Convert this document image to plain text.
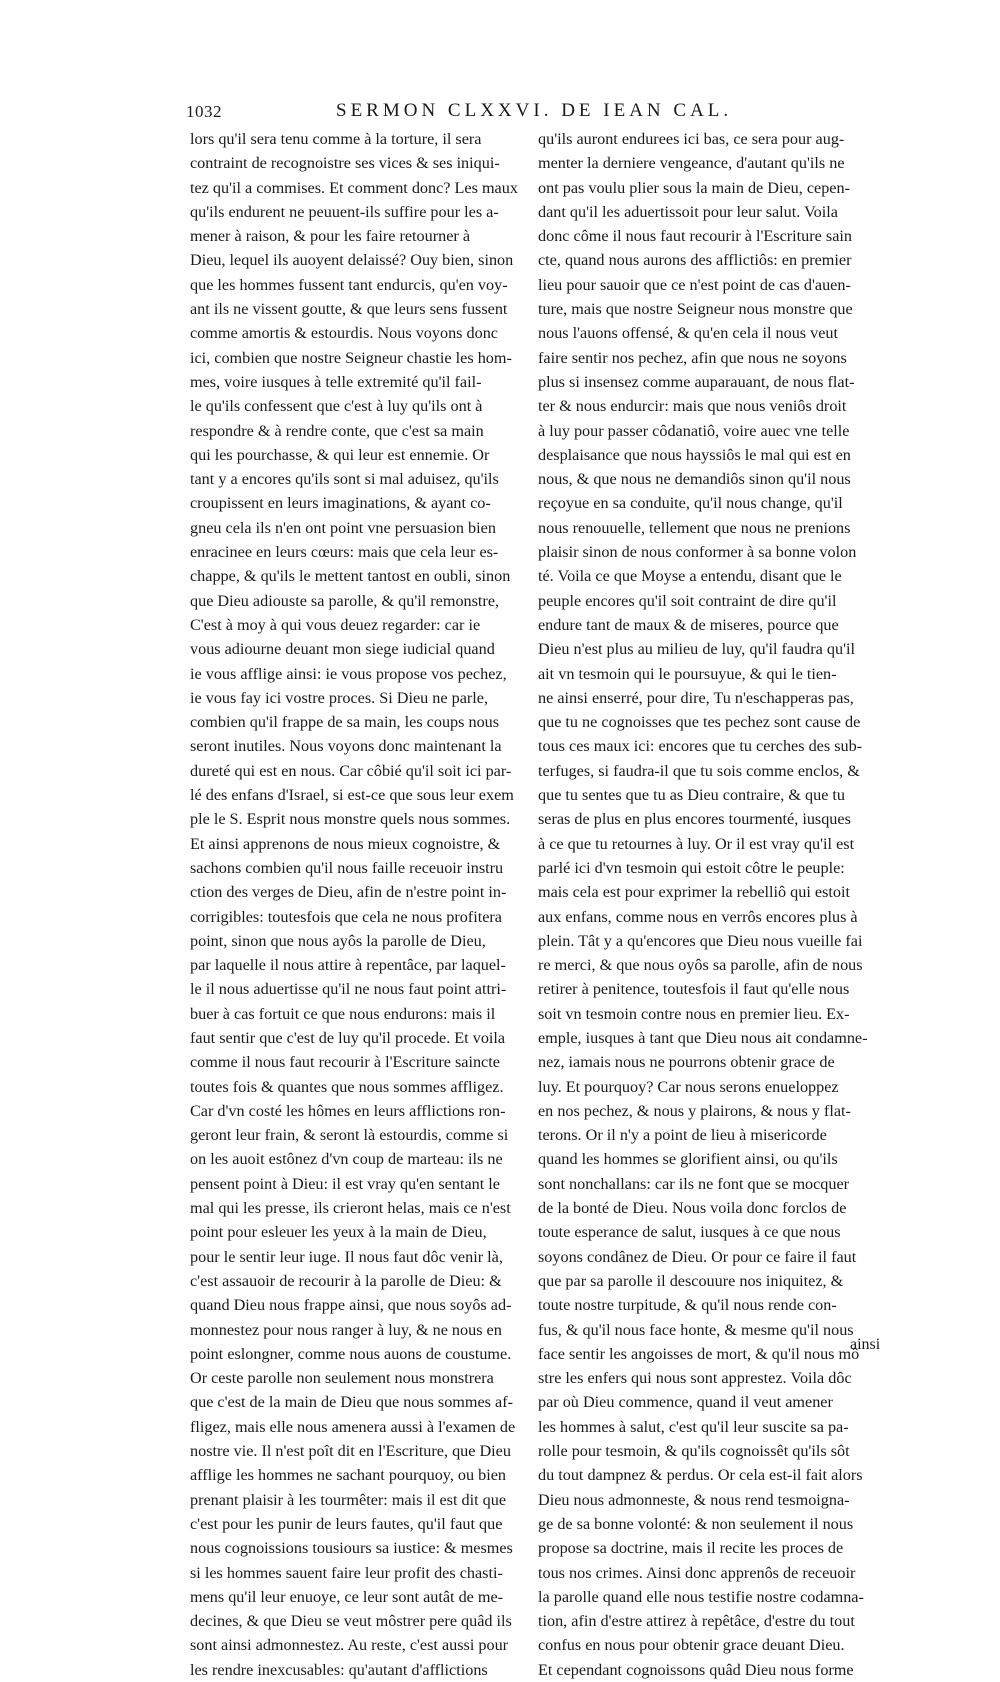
1032	SERMON CLXXVI. DE IEAN CAL.
lors qu'il sera tenu comme à la torture, il sera
contraint de recognoistre ses vices & ses iniqui-
tez qu'il a commises. Et comment donc? Les maux
qu'ils endurent ne peuuent-ils suffire pour les a-
mener à raison, & pour les faire retourner à
Dieu, lequel ils auoyent delaissé? Ouy bien, sinon
que les hommes fussent tant endurcis, qu'en voy-
ant ils ne vissent goutte, & que leurs sens fussent
comme amortis & estourdis. Nous voyons donc
ici, combien que nostre Seigneur chastie les hom-
mes, voire iusques à telle extremité qu'il fail-
le qu'ils confessent que c'est à luy qu'ils ont à
respondre & à rendre conte, que c'est sa main
qui les pourchasse, & qui leur est ennemie. Or
tant y a encores qu'ils sont si mal aduisez, qu'ils
croupissent en leurs imaginations, & ayant co-
gneu cela ils n'en ont point vne persuasion bien
enracinee en leurs cœurs: mais que cela leur es-
chappe, & qu'ils le mettent tantost en oubli, sinon
que Dieu adiouste sa parolle, & qu'il remonstre,
C'est à moy à qui vous deuez regarder: car ie
vous adiourne deuant mon siege iudicial quand
ie vous afflige ainsi: ie vous propose vos pechez,
ie vous fay ici vostre proces. Si Dieu ne parle,
combien qu'il frappe de sa main, les coups nous
seront inutiles. Nous voyons donc maintenant la
dureté qui est en nous. Car côbié qu'il soit ici par-
lé des enfans d'Israel, si est-ce que sous leur exem
ple le S. Esprit nous monstre quels nous sommes.
Et ainsi apprenons de nous mieux cognoistre, &
sachons combien qu'il nous faille receuoir instru
ction des verges de Dieu, afin de n'estre point in-
corrigibles: toutesfois que cela ne nous profitera
point, sinon que nous ayôs la parolle de Dieu,
par laquelle il nous attire à repentâce, par laquel-
le il nous aduertisse qu'il ne nous faut point attri-
buer à cas fortuit ce que nous endurons: mais il
faut sentir que c'est de luy qu'il procede. Et voila
comme il nous faut recourir à l'Escriture saincte
toutes fois & quantes que nous sommes affligez.
Car d'vn costé les hômes en leurs afflictions ron-
geront leur frain, & seront là estourdis, comme si
on les auoit estônez d'vn coup de marteau: ils ne
pensent point à Dieu: il est vray qu'en sentant le
mal qui les presse, ils crieront helas, mais ce n'est
point pour esleuer les yeux à la main de Dieu,
pour le sentir leur iuge. Il nous faut dôc venir là,
c'est assauoir de recourir à la parolle de Dieu: &
quand Dieu nous frappe ainsi, que nous soyôs ad-
monnestez pour nous ranger à luy, & ne nous en
point eslongner, comme nous auons de coustume.
Or ceste parolle non seulement nous monstrera
que c'est de la main de Dieu que nous sommes af-
fligez, mais elle nous amenera aussi à l'examen de
nostre vie. Il n'est poît dit en l'Escriture, que Dieu
afflige les hommes ne sachant pourquoy, ou bien
prenant plaisir à les tourmêter: mais il est dit que
c'est pour les punir de leurs fautes, qu'il faut que
nous cognoissions tousiours sa iustice: & mesmes
si les hommes sauent faire leur profit des chasti-
mens qu'il leur enuoye, ce leur sont autât de me-
decines, & que Dieu se veut môstrer pere quâd ils
sont ainsi admonnestez. Au reste, c'est aussi pour
les rendre inexcusables: qu'autant d'afflictions
qu'ils auront endurees ici bas, ce sera pour aug-
menter la derniere vengeance, d'autant qu'ils ne
ont pas voulu plier sous la main de Dieu, cepen-
dant qu'il les aduertissoit pour leur salut. Voila
donc côme il nous faut recourir à l'Escriture sain
cte, quand nous aurons des afflictiôs: en premier
lieu pour sauoir que ce n'est point de cas d'auen-
ture, mais que nostre Seigneur nous monstre que
nous l'auons offensé, & qu'en cela il nous veut
faire sentir nos pechez, afin que nous ne soyons
plus si insensez comme auparauant, de nous flat-
ter & nous endurcir: mais que nous veniôs droit
à luy pour passer côdanatiô, voire auec vne telle
desplaisance que nous hayssiôs le mal qui est en
nous, & que nous ne demandiôs sinon qu'il nous
reçoyue en sa conduite, qu'il nous change, qu'il
nous renouuelle, tellement que nous ne prenions
plaisir sinon de nous conformer à sa bonne volon
té. Voila ce que Moyse a entendu, disant que le
peuple encores qu'il soit contraint de dire qu'il
endure tant de maux & de miseres, pource que
Dieu n'est plus au milieu de luy, qu'il faudra qu'il
ait vn tesmoin qui le poursuyue, & qui le tien-
ne ainsi enserré, pour dire, Tu n'eschapperas pas,
que tu ne cognoisses que tes pechez sont cause de
tous ces maux ici: encores que tu cerches des sub-
terfuges, si faudra-il que tu sois comme enclos, &
que tu sentes que tu as Dieu contraire, & que tu
seras de plus en plus encores tourmenté, iusques
à ce que tu retournes à luy. Or il est vray qu'il est
parlé ici d'vn tesmoin qui estoit côtre le peuple:
mais cela est pour exprimer la rebelliô qui estoit
aux enfans, comme nous en verrôs encores plus à
plein. Tât y a qu'encores que Dieu nous vueille fai
re merci, & que nous oyôs sa parolle, afin de nous
retirer à penitence, toutesfois il faut qu'elle nous
soit vn tesmoin contre nous en premier lieu. Ex-
emple, iusques à tant que Dieu nous ait condamne-
nez, iamais nous ne pourrons obtenir grace de
luy. Et pourquoy? Car nous serons enueloppez
en nos pechez, & nous y plairons, & nous y flat-
terons. Or il n'y a point de lieu à misericorde
quand les hommes se glorifient ainsi, ou qu'ils
sont nonchallans: car ils ne font que se mocquer
de la bonté de Dieu. Nous voila donc forclos de
toute esperance de salut, iusques à ce que nous
soyons condânez de Dieu. Or pour ce faire il faut
que par sa parolle il descouure nos iniquitez, &
toute nostre turpitude, & qu'il nous rende con-
fus, & qu'il nous face honte, & mesme qu'il nous
face sentir les angoisses de mort, & qu'il nous mô
stre les enfers qui nous sont apprestez. Voila dôc
par où Dieu commence, quand il veut amener
les hommes à salut, c'est qu'il leur suscite sa pa-
rolle pour tesmoin, & qu'ils cognoissêt qu'ils sôt
du tout dampnez & perdus. Or cela est-il fait alors
Dieu nous admonneste, & nous rend tesmoigna-
ge de sa bonne volonté: & non seulement il nous
propose sa doctrine, mais il recite les proces de
tous nos crimes. Ainsi donc apprenôs de receuoir
la parolle quand elle nous testifie nostre codamna-
tion, afin d'estre attirez à repêtâce, d'estre du tout
confus en nous pour obtenir grace deuant Dieu.
Et cependant cognoissons quâd Dieu nous forme
ainsi
